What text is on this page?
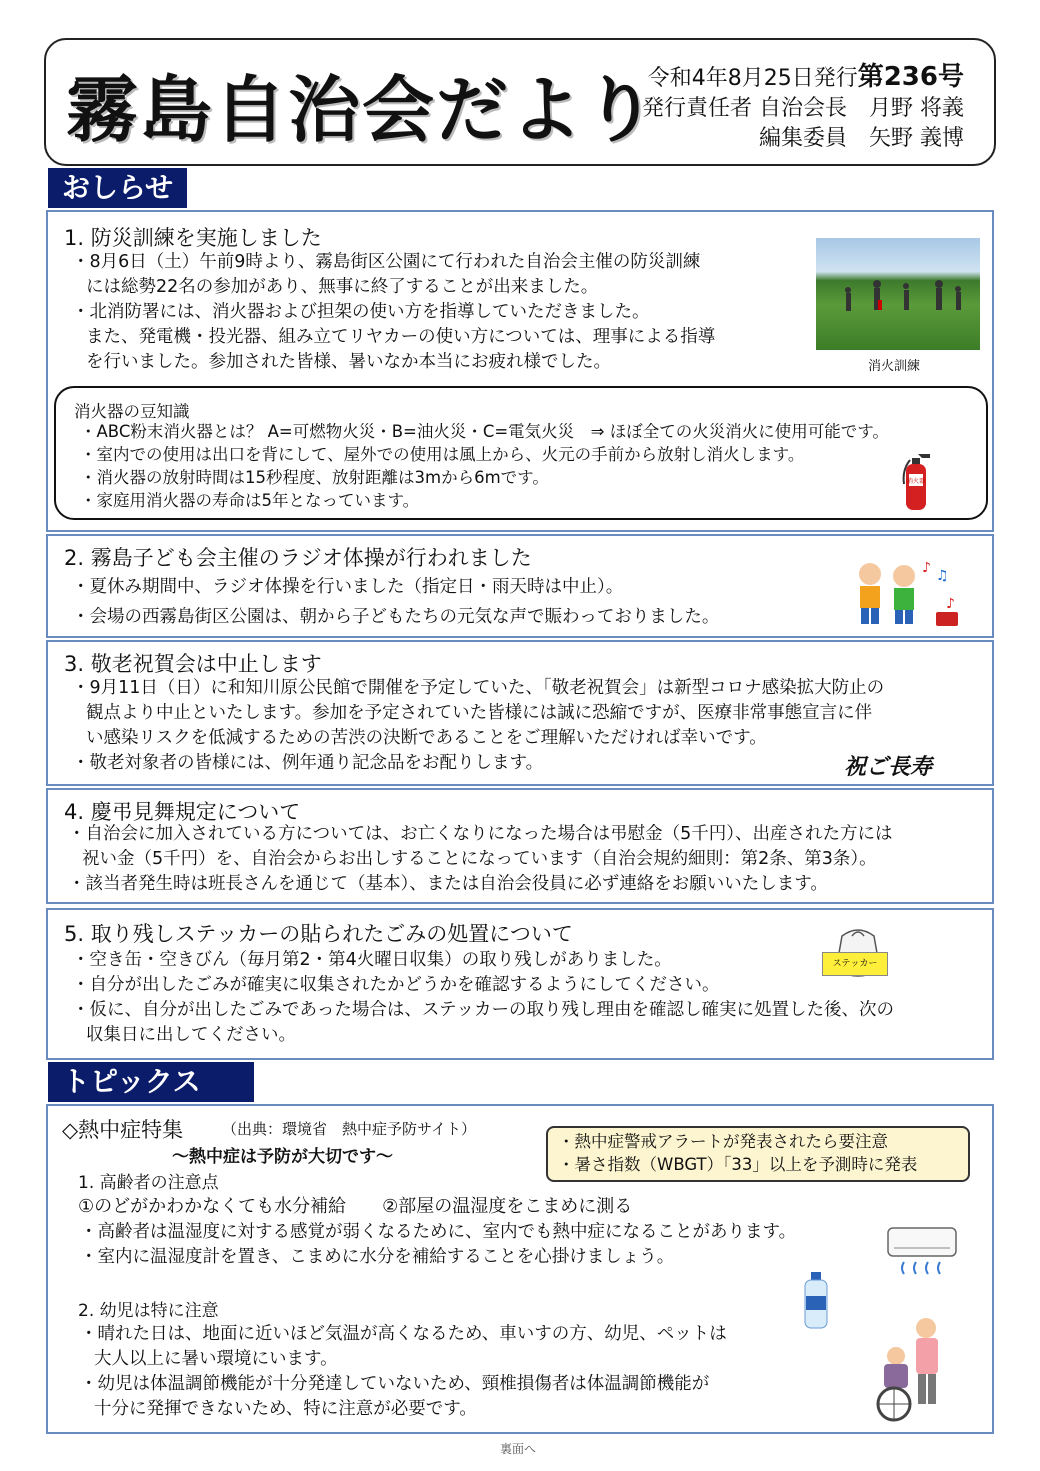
霧島自治会だより
令和4年8月25日発行第236号
発行責任者 自治会長　月野 将義
編集委員　矢野 義博
おしらせ
1. 防災訓練を実施しました
・8月6日（土）午前9時より、霧島街区公園にて行われた自治会主催の防災訓練
には総勢22名の参加があり、無事に終了することが出来ました。
・北消防署には、消火器および担架の使い方を指導していただきました。
また、発電機・投光器、組み立てリヤカーの使い方については、理事による指導
を行いました。参加された皆様、暑いなか本当にお疲れ様でした。	消火訓練
消火器の豆知識
・ABC粉末消火器とは？ A=可燃物火災・B=油火災・C=電気火災　⇒ ほぼ全ての火災消火に使用可能です。
・室内での使用は出口を背にして、屋外での使用は風上から、火元の手前から放射し消火します。
・消火器の放射時間は15秒程度、放射距離は3mから6mです。
・家庭用消火器の寿命は5年となっています。
消火器
2. 霧島子ども会主催のラジオ体操が行われました
・夏休み期間中、ラジオ体操を行いました（指定日・雨天時は中止）。
・会場の西霧島街区公園は、朝から子どもたちの元気な声で賑わっておりました。
♪ ♫
♪
3. 敬老祝賀会は中止します
・9月11日（日）に和知川原公民館で開催を予定していた、「敬老祝賀会」は新型コロナ感染拡大防止の
観点より中止といたします。参加を予定されていた皆様には誠に恐縮ですが、医療非常事態宣言に伴
い感染リスクを低減するための苦渋の決断であることをご理解いただければ幸いです。
・敬老対象者の皆様には、例年通り記念品をお配りします。	祝ご長寿
4. 慶弔見舞規定について
・自治会に加入されている方については、お亡くなりになった場合は弔慰金（5千円）、出産された方には
祝い金（5千円）を、自治会からお出しすることになっています（自治会規約細則：第2条、第3条）。
・該当者発生時は班長さんを通じて（基本）、または自治会役員に必ず連絡をお願いいたします。
5. 取り残しステッカーの貼られたごみの処置について
・空き缶・空きびん（毎月第2・第4火曜日収集）の取り残しがありました。
・自分が出したごみが確実に収集されたかどうかを確認するようにしてください。
・仮に、自分が出したごみであった場合は、ステッカーの取り残し理由を確認し確実に処置した後、次の
収集日に出してください。
ステッカー
トピックス
◇熱中症特集	（出典：環境省　熱中症予防サイト）
～熱中症は予防が大切です～
・熱中症警戒アラートが発表されたら要注意
・暑さ指数（WBGT）「33」以上を予測時に発表
1. 高齢者の注意点
①のどがかわかなくても水分補給　　②部屋の温湿度をこまめに測る
・高齢者は温湿度に対する感覚が弱くなるために、室内でも熱中症になることがあります。
・室内に温湿度計を置き、こまめに水分を補給することを心掛けましょう。
2. 幼児は特に注意
・晴れた日は、地面に近いほど気温が高くなるため、車いすの方、幼児、ペットは
大人以上に暑い環境にいます。
・幼児は体温調節機能が十分発達していないため、頸椎損傷者は体温調節機能が
十分に発揮できないため、特に注意が必要です。
裏面へ
